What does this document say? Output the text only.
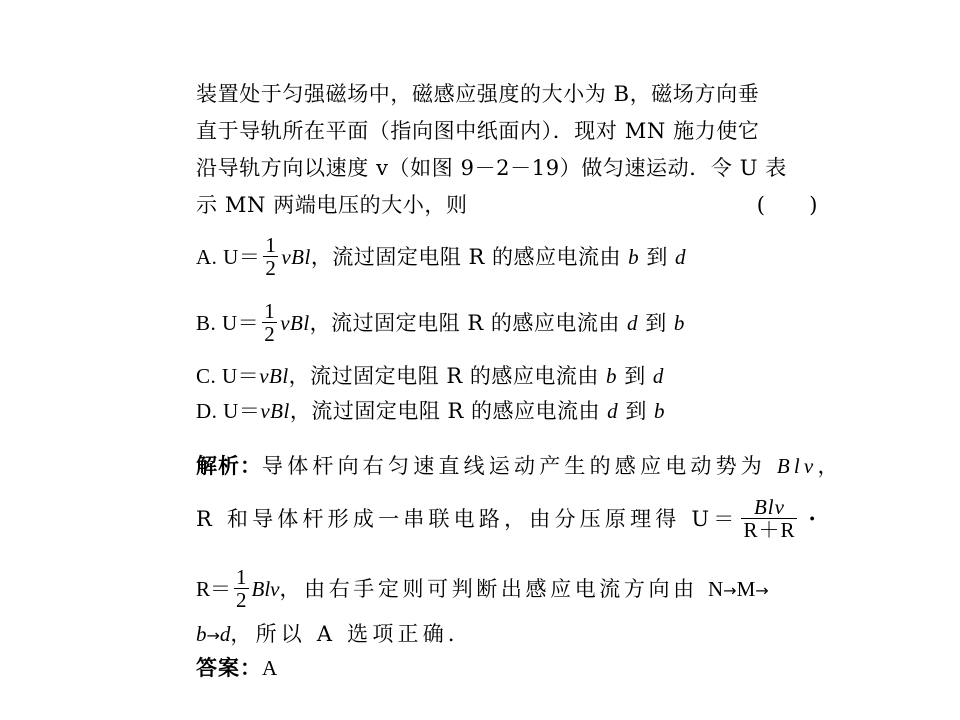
装置处于匀强磁场中，磁感应强度的大小为 B，磁场方向垂
直于导轨所在平面（指向图中纸面内）．现对 MN 施力使它
沿导轨方向以速度 v（如图 9－2－19）做匀速运动．令 U 表
示 MN 两端电压的大小，则	(      )
A. $U= \frac{1}{2}$ vBl，流过固定电阻 R 的感应电流由 b 到 d
B. $U= \frac{1}{2}$ vBl，流过固定电阻 R 的感应电流由 d 到 b
C. U＝vBl，流过固定电阻 R 的感应电流由 b 到 d
D. U＝vBl，流过固定电阻 R 的感应电流由 d 到 b
解析：导体杆向右匀速直线运动产生的感应电动势为 Blv，
R 和导体杆形成一串联电路，由分压原理得 $U= \frac{\text{Blv}}{R+R}$ ·
$R= \frac{1}{2}$ Blv，由右手定则可判断出感应电流方向由 N→M→
b→d，所以 A 选项正确．
答案：A
